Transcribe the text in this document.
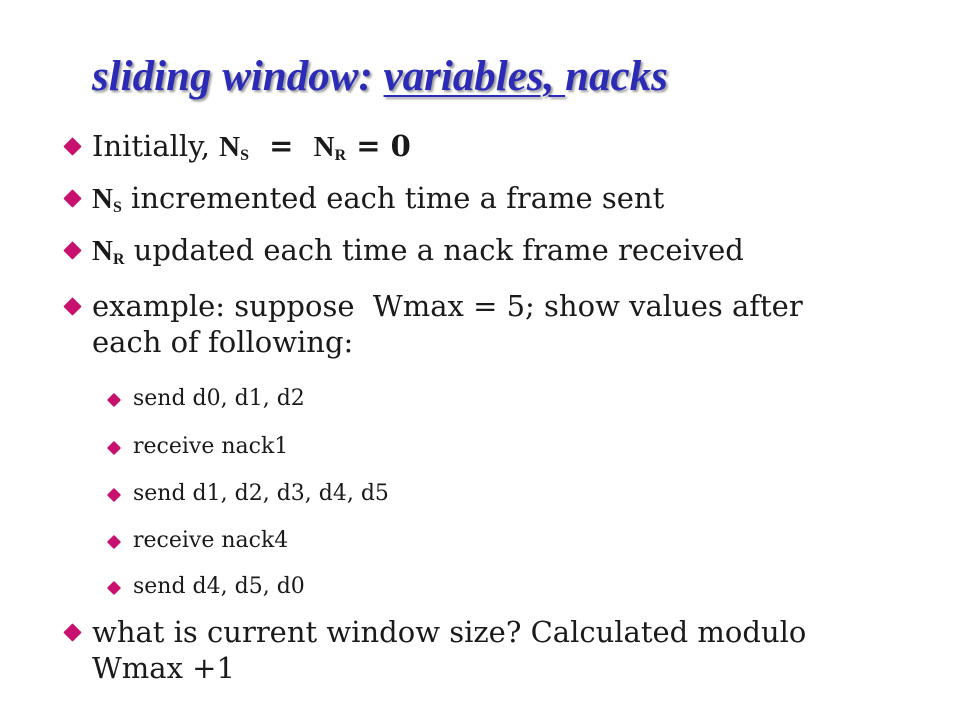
sliding window: variables, nacks
Initially, $N_S = N_R = 0$
$N_S$ incremented each time a frame sent
$N_R$ updated each time a nack frame received
example: suppose  Wmax = 5; show values after
each of following:
send d0, d1, d2
receive nack1
send d1, d2, d3, d4, d5
receive nack4
send d4, d5, d0
what is current window size? Calculated modulo
Wmax +1
